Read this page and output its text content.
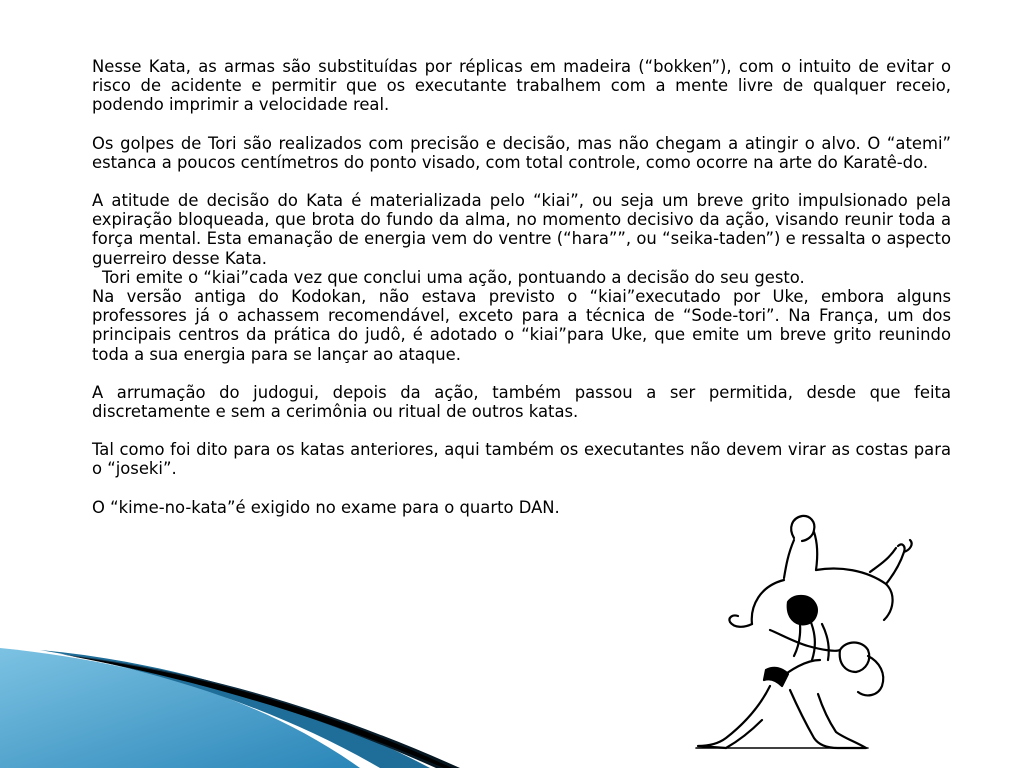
Nesse Kata, as armas são substituídas por réplicas em madeira (“bokken”), com o intuito de evitar o risco de acidente e permitir que os executante trabalhem com a mente livre de qualquer receio, podendo imprimir a velocidade real.

Os golpes de Tori são realizados com precisão e decisão, mas não chegam a atingir o alvo. O “atemi” estanca a poucos centímetros do ponto visado, com total controle, como ocorre na arte do Karatê-do.

A atitude de decisão do Kata é materializada pelo “kiai”, ou seja um breve grito impulsionado pela expiração bloqueada, que brota do fundo da alma, no momento decisivo da ação, visando reunir toda a força mental. Esta emanação de energia vem do ventre (“hara””, ou “seika-taden”) e ressalta o aspecto guerreiro desse Kata.

Tori emite o “kiai”cada vez que conclui uma ação, pontuando a decisão do seu gesto.

Na versão antiga do Kodokan, não estava previsto o “kiai”executado por Uke, embora alguns professores já o achassem recomendável, exceto para a técnica de “Sode-tori”. Na França, um dos principais centros da prática do judô, é adotado o “kiai”para Uke, que emite um breve grito reunindo toda a sua energia para se lançar ao ataque.

A arrumação do judogui, depois da ação, também passou a ser permitida, desde que feita discretamente e sem a cerimônia ou ritual de outros katas.

Tal como foi dito para os katas anteriores, aqui também os executantes não devem virar as costas para o “joseki”.

O “kime-no-kata”é exigido no exame para o quarto DAN.
